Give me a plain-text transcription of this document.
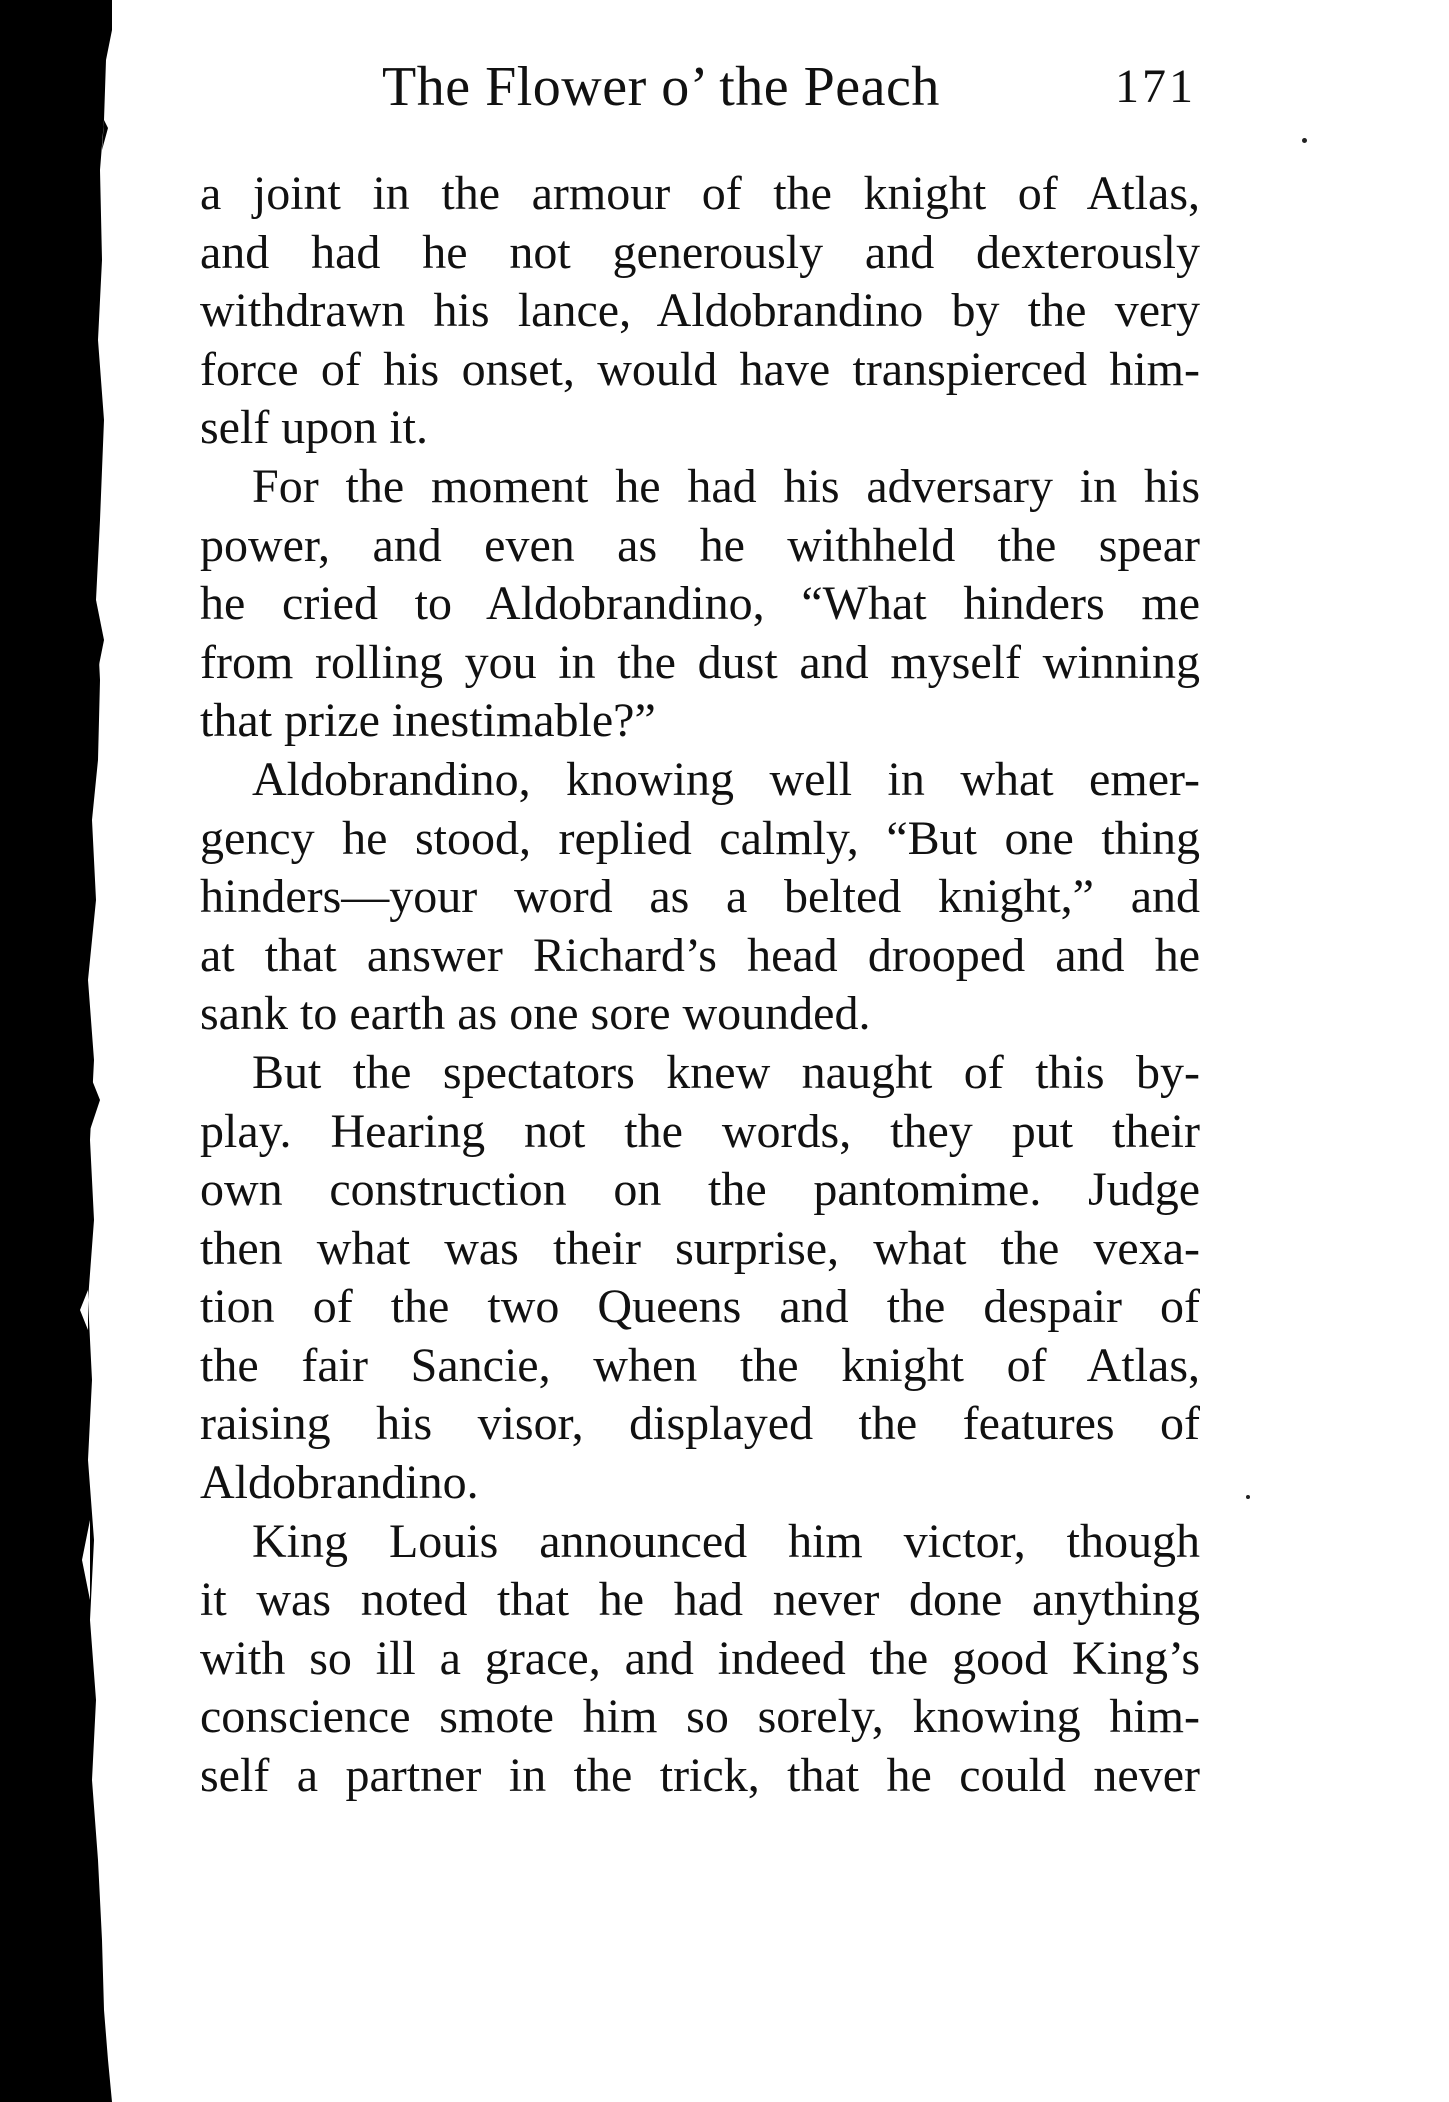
The Flower o’ the Peach	171
a joint in the armour of the knight of Atlas,
and had he not generously and dexterously
withdrawn his lance, Aldobrandino by the very
force of his onset, would have transpierced him-
self upon it.
For the moment he had his adversary in his
power, and even as he withheld the spear
he cried to Aldobrandino, “What hinders me
from rolling you in the dust and myself winning
that prize inestimable?”
Aldobrandino, knowing well in what emer-
gency he stood, replied calmly, “But one thing
hinders—your word as a belted knight,” and
at that answer Richard’s head drooped and he
sank to earth as one sore wounded.
But the spectators knew naught of this by-
play. Hearing not the words, they put their
own construction on the pantomime. Judge
then what was their surprise, what the vexa-
tion of the two Queens and the despair of
the fair Sancie, when the knight of Atlas,
raising his visor, displayed the features of
Aldobrandino.
King Louis announced him victor, though
it was noted that he had never done anything
with so ill a grace, and indeed the good King’s
conscience smote him so sorely, knowing him-
self a partner in the trick, that he could never
